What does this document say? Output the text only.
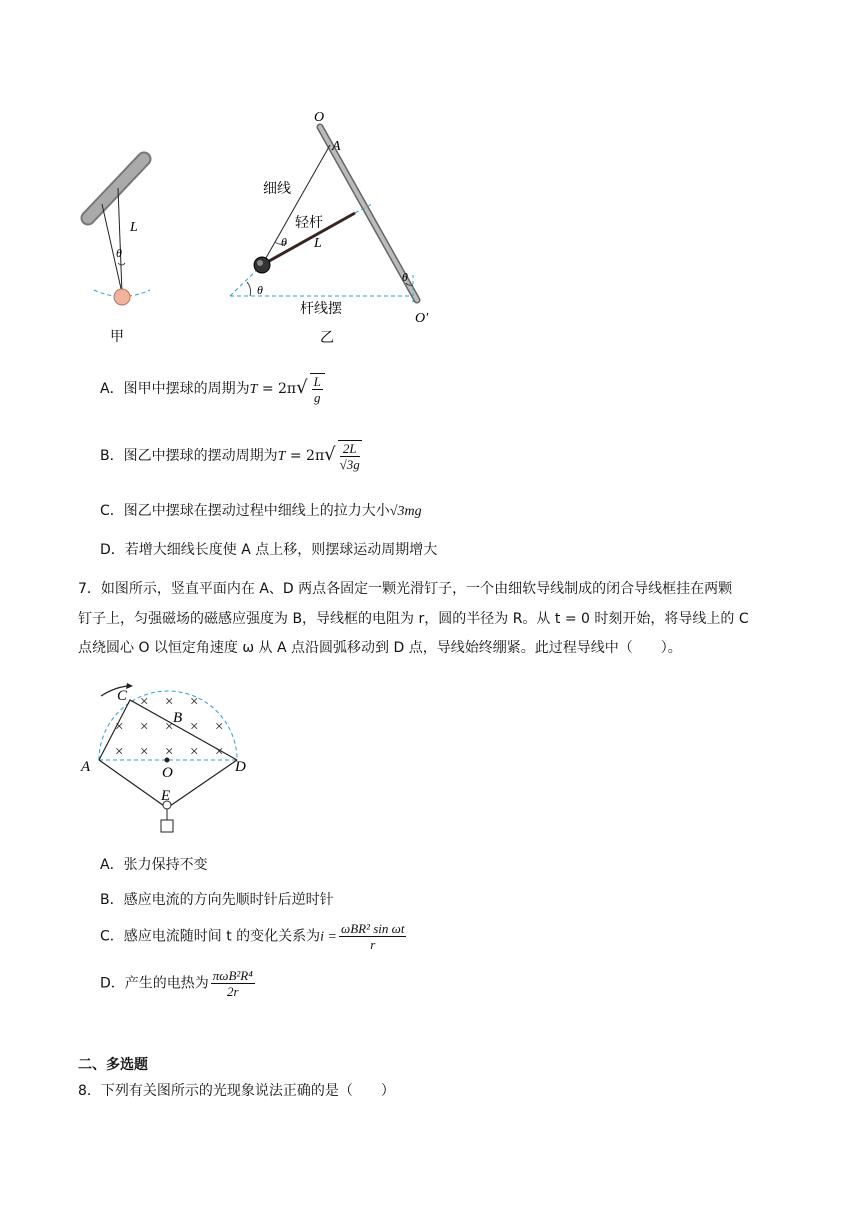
L
θ
甲
O
A
细线
轻杆
L
θ
θ
θ
O′
杆线摆
乙
A．图甲中摆球的周期为$T = 2\pi√ \frac{L}{g}$
B．图乙中摆球的摆动周期为$T = 2\pi√ \frac{2L}{√3g}$
C．图乙中摆球在摆动过程中细线上的拉力大小√3mg
D．若增大细线长度使 A 点上移，则摆球运动周期增大
7．如图所示，竖直平面内在 A、D 两点各固定一颗光滑钉子，一个由细软导线制成的闭合导线框挂在两颗
钉子上，匀强磁场的磁感应强度为 B，导线框的电阻为 r，圆的半径为 R。从 t = 0 时刻开始，将导线上的 C
点绕圆心 O 以恒定角速度 ω 从 A 点沿圆弧移动到 D 点，导线始终绷紧。此过程导线中（　　）。
× × ×
× × × × ×
× × × × ×
C
B
A	O	D
E
A．张力保持不变
B．感应电流的方向先顺时针后逆时针
C．感应电流随时间 t 的变化关系为$i = \frac{\text{ωBR² sin ωt}}{r}$
D．产生的电热为 $\frac{\text{πωB²R⁴}}{2r}$
二、多选题
8．下列有关图所示的光现象说法正确的是（　　）
